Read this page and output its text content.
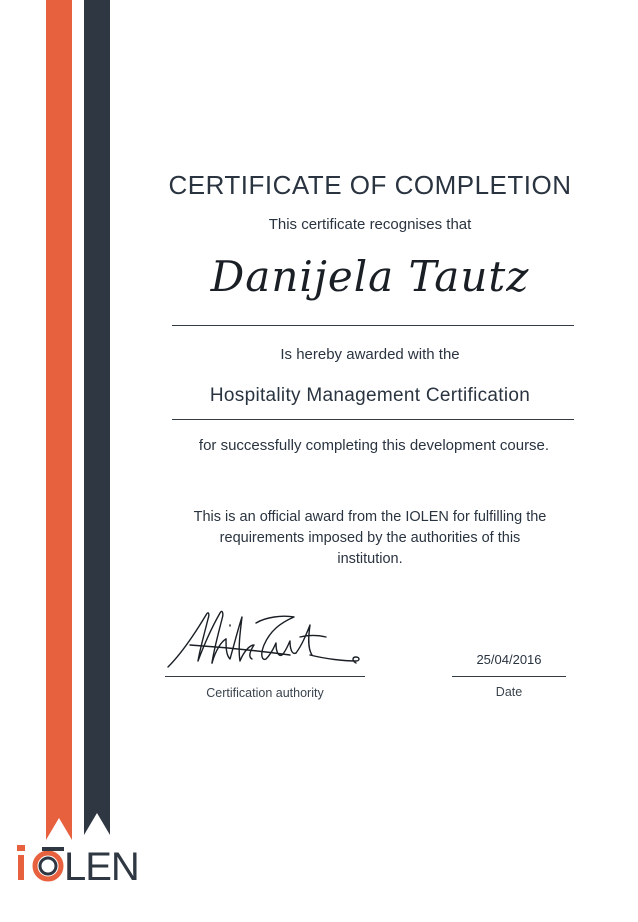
CERTIFICATE OF COMPLETION
This certificate recognises that
Danijela Tautz
Is hereby awarded with the
Hospitality Management Certification
for successfully completing this development course.
This is an official award from the IOLEN for fulfilling the
requirements imposed by the authorities of this
institution.
Certification authority
25/04/2016
Date
LEN
